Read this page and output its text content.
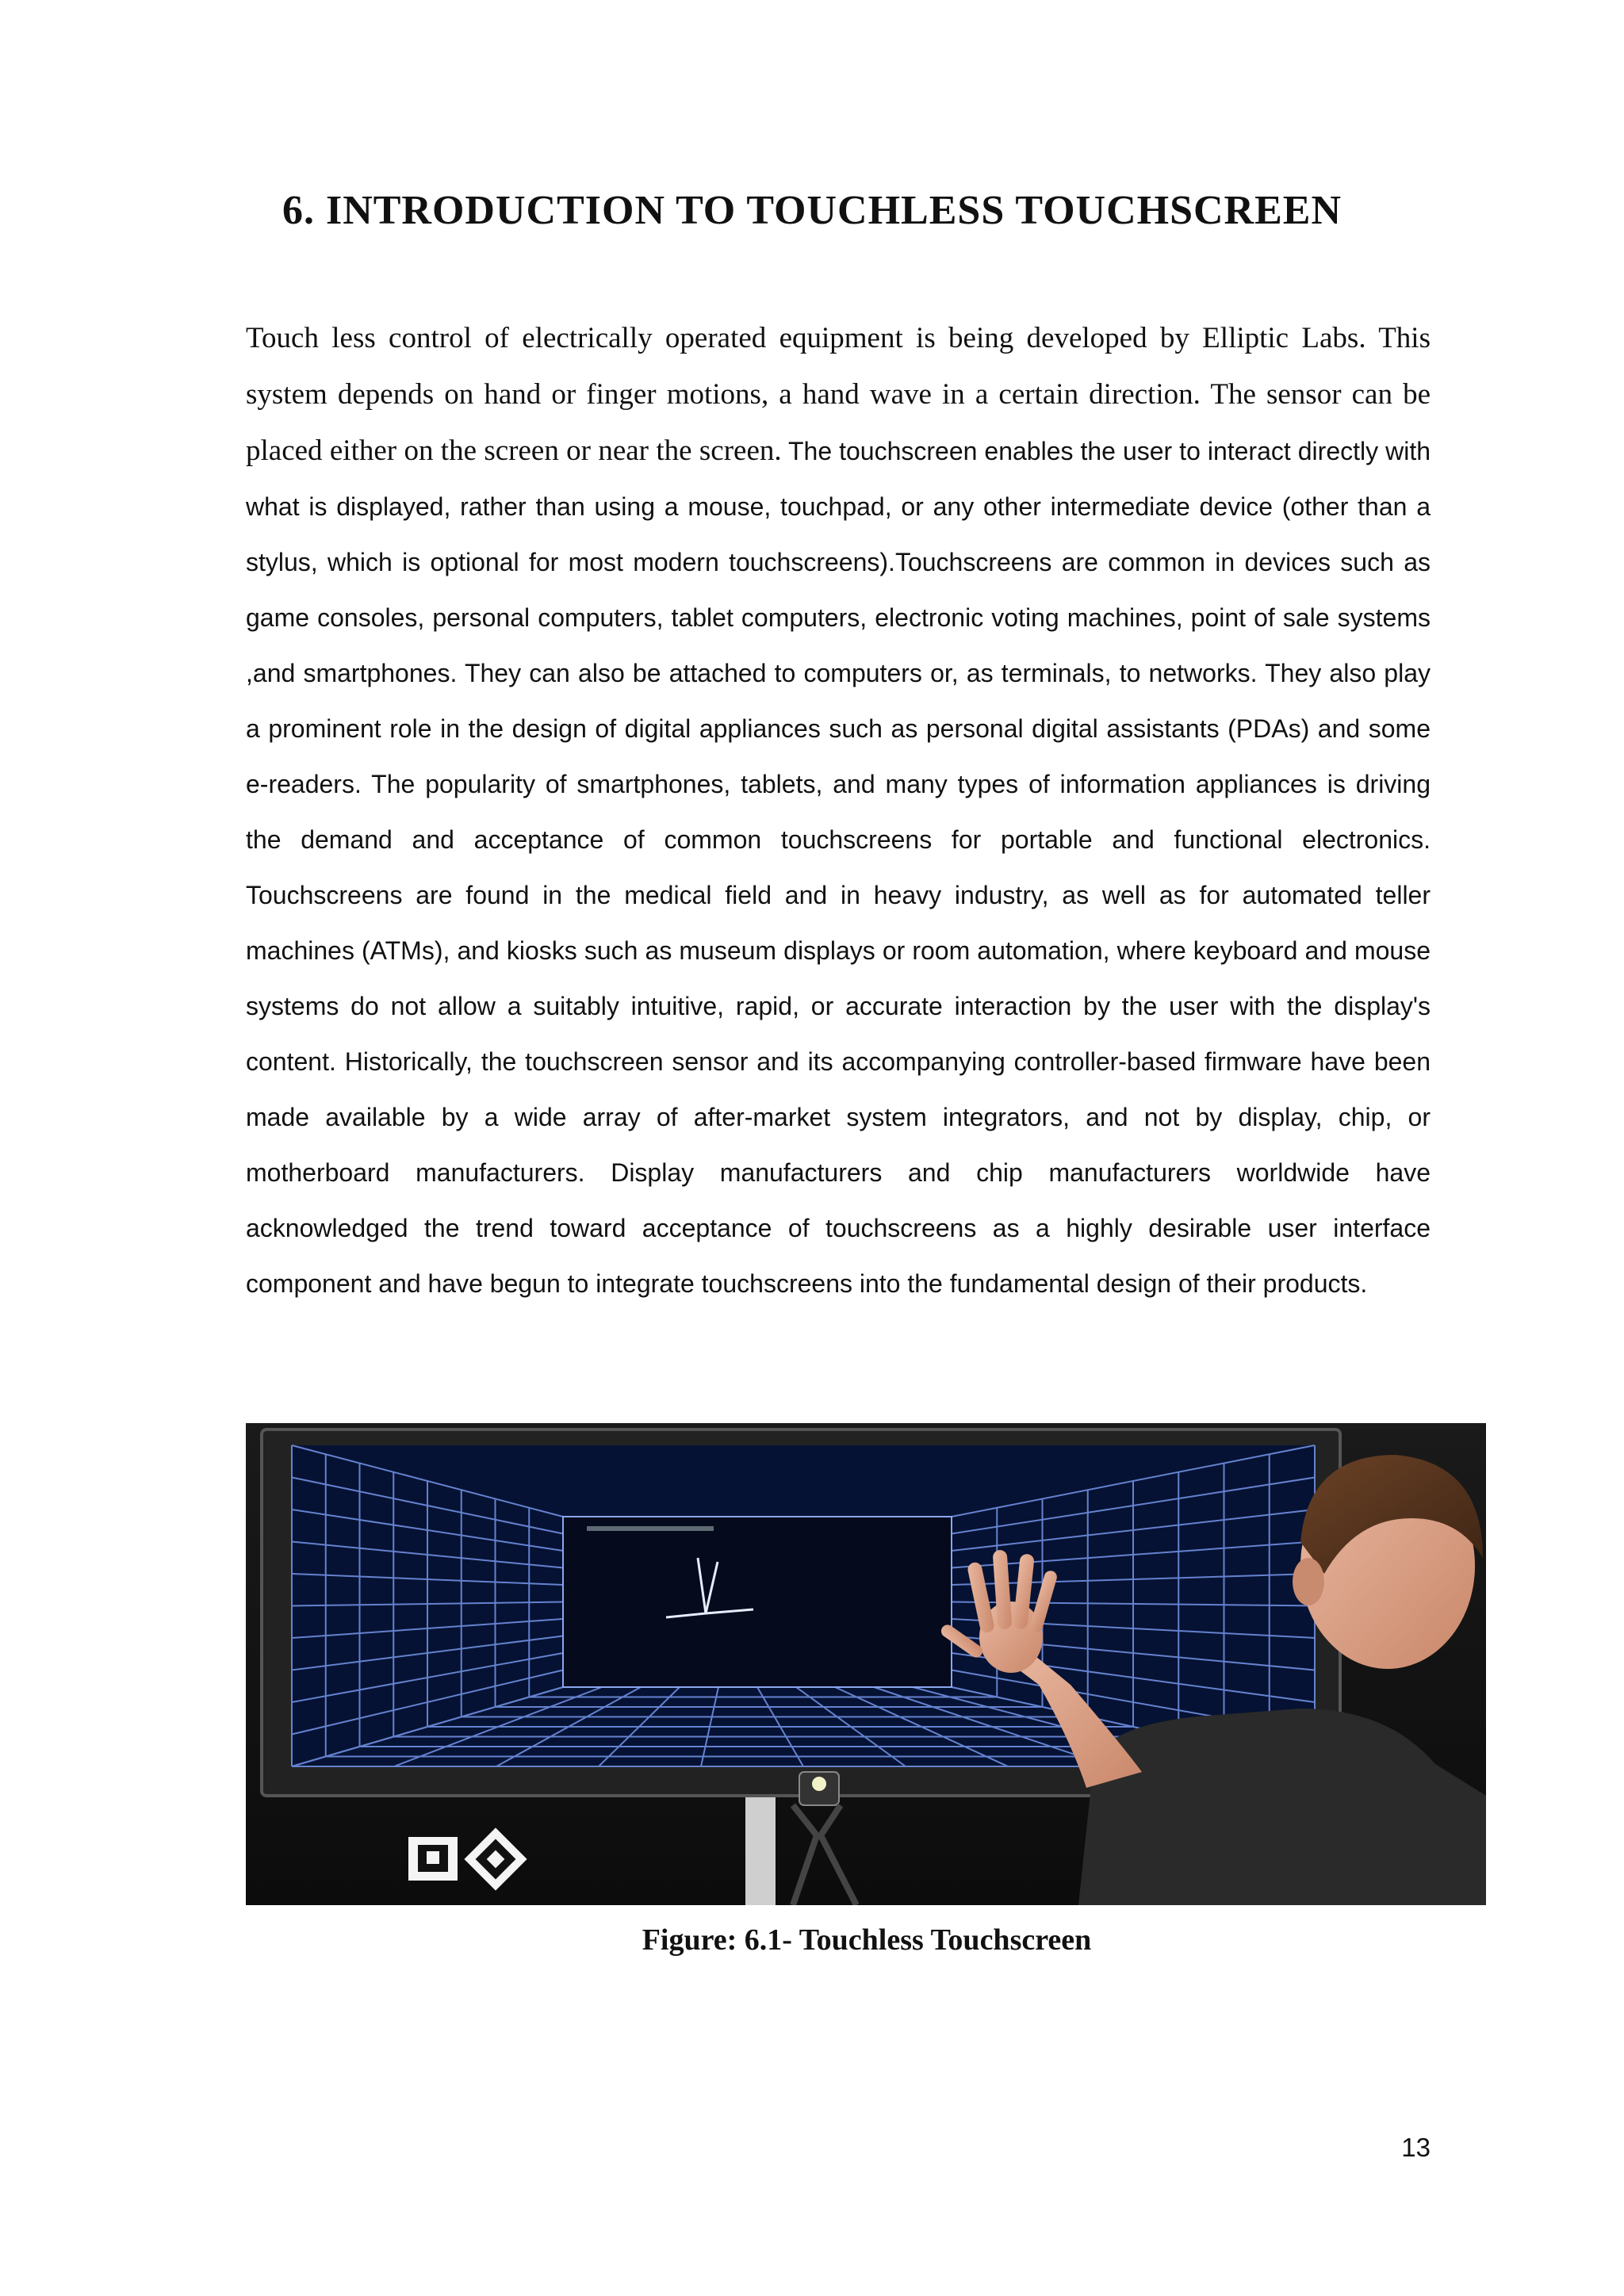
6. INTRODUCTION TO TOUCHLESS TOUCHSCREEN

Touch less control of electrically operated equipment is being developed by Elliptic Labs. This system depends on hand or finger motions, a hand wave in a certain direction. The sensor can be placed either on the screen or near the screen. The touchscreen enables the user to interact directly with what is displayed, rather than using a mouse, touchpad, or any other intermediate device (other than a stylus, which is optional for most modern touchscreens).Touchscreens are common in devices such as game consoles, personal computers, tablet computers, electronic voting machines, point of sale systems ,and smartphones. They can also be attached to computers or, as terminals, to networks. They also play a prominent role in the design of digital appliances such as personal digital assistants (PDAs) and some e-readers. The popularity of smartphones, tablets, and many types of information appliances is driving the demand and acceptance of common touchscreens for portable and functional electronics. Touchscreens are found in the medical field and in heavy industry, as well as for automated teller machines (ATMs), and kiosks such as museum displays or room automation, where keyboard and mouse systems do not allow a suitably intuitive, rapid, or accurate interaction by the user with the display's content. Historically, the touchscreen sensor and its accompanying controller-based firmware have been made available by a wide array of after-market system integrators, and not by display, chip, or motherboard manufacturers. Display manufacturers and chip manufacturers worldwide have acknowledged the trend toward acceptance of touchscreens as a highly desirable user interface component and have begun to integrate touchscreens into the fundamental design of their products.

Figure: 6.1- Touchless Touchscreen

13
